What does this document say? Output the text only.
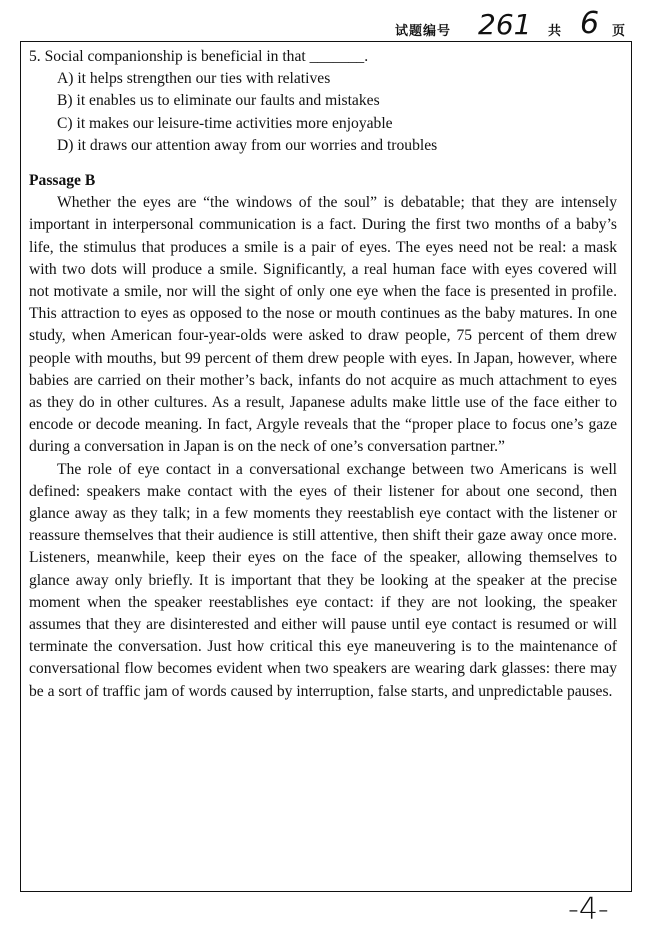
试题编号 261 共 6 页
5. Social companionship is beneficial in that _______.
A) it helps strengthen our ties with relatives
B) it enables us to eliminate our faults and mistakes
C) it makes our leisure-time activities more enjoyable
D) it draws our attention away from our worries and troubles
Passage B

Whether the eyes are “the windows of the soul” is debatable; that they are intensely important in interpersonal communication is a fact. During the first two months of a baby’s life, the stimulus that produces a smile is a pair of eyes. The eyes need not be real: a mask with two dots will produce a smile. Significantly, a real human face with eyes covered will not motivate a smile, nor will the sight of only one eye when the face is presented in profile. This attraction to eyes as opposed to the nose or mouth continues as the baby matures. In one study, when American four-year-olds were asked to draw people, 75 percent of them drew people with mouths, but 99 percent of them drew people with eyes. In Japan, however, where babies are carried on their mother’s back, infants do not acquire as much attachment to eyes as they do in other cultures. As a result, Japanese adults make little use of the face either to encode or decode meaning. In fact, Argyle reveals that the “proper place to focus one’s gaze during a conversation in Japan is on the neck of one’s conversation partner.”

The role of eye contact in a conversational exchange between two Americans is well defined: speakers make contact with the eyes of their listener for about one second, then glance away as they talk; in a few moments they reestablish eye contact with the listener or reassure themselves that their audience is still attentive, then shift their gaze away once more. Listeners, meanwhile, keep their eyes on the face of the speaker, allowing themselves to glance away only briefly. It is important that they be looking at the speaker at the precise moment when the speaker reestablishes eye contact: if they are not looking, the speaker assumes that they are disinterested and either will pause until eye contact is resumed or will terminate the conversation. Just how critical this eye maneuvering is to the maintenance of conversational flow becomes evident when two speakers are wearing dark glasses: there may be a sort of traffic jam of words caused by interruption, false starts, and unpredictable pauses.

-4-
